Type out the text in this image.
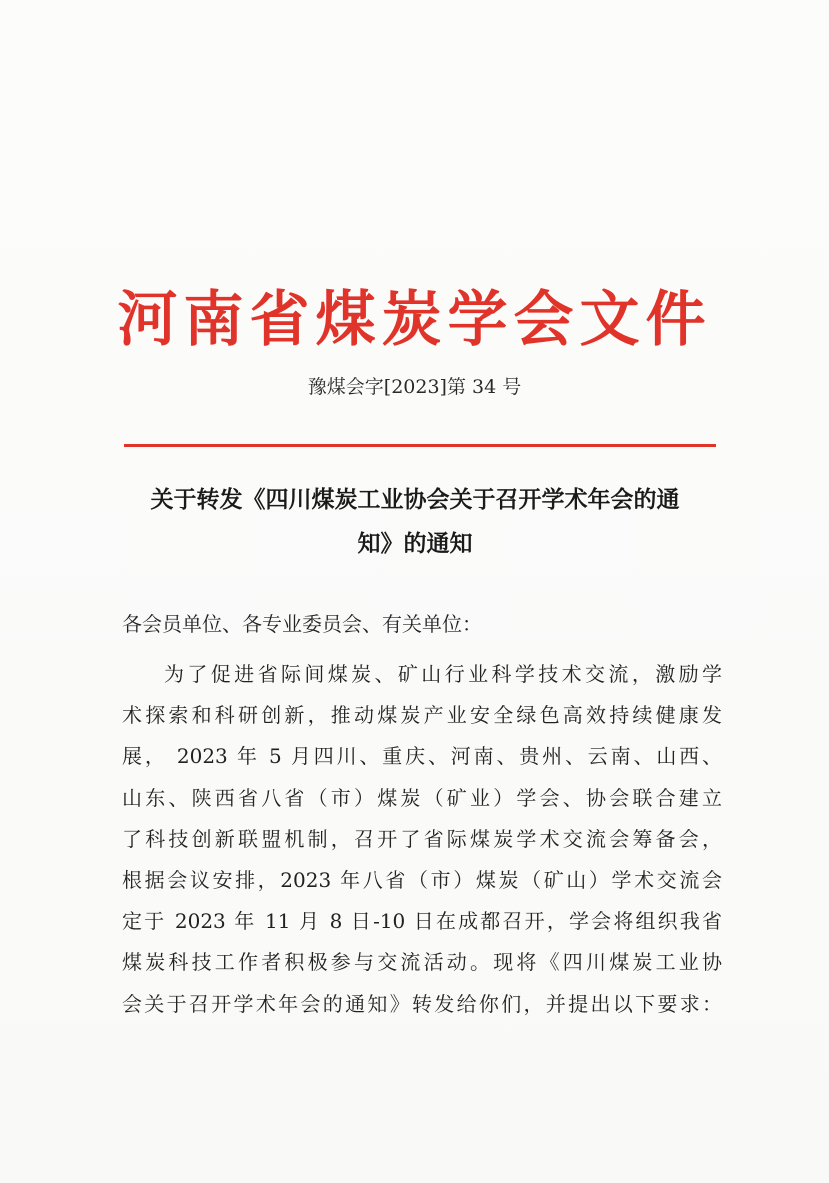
河南省煤炭学会文件
豫煤会字[2023]第 34 号
关于转发《四川煤炭工业协会关于召开学术年会的通
知》的通知
各会员单位、各专业委员会、有关单位：
为了促进省际间煤炭、矿山行业科学技术交流，激励学
术探索和科研创新，推动煤炭产业安全绿色高效持续健康发
展， 2023 年 5 月四川、重庆、河南、贵州、云南、山西、
山东、陕西省八省（市）煤炭（矿业）学会、协会联合建立
了科技创新联盟机制，召开了省际煤炭学术交流会筹备会，
根据会议安排，2023 年八省（市）煤炭（矿山）学术交流会
定于 2023 年 11 月 8 日-10 日在成都召开，学会将组织我省
煤炭科技工作者积极参与交流活动。现将《四川煤炭工业协
会关于召开学术年会的通知》转发给你们，并提出以下要求：
